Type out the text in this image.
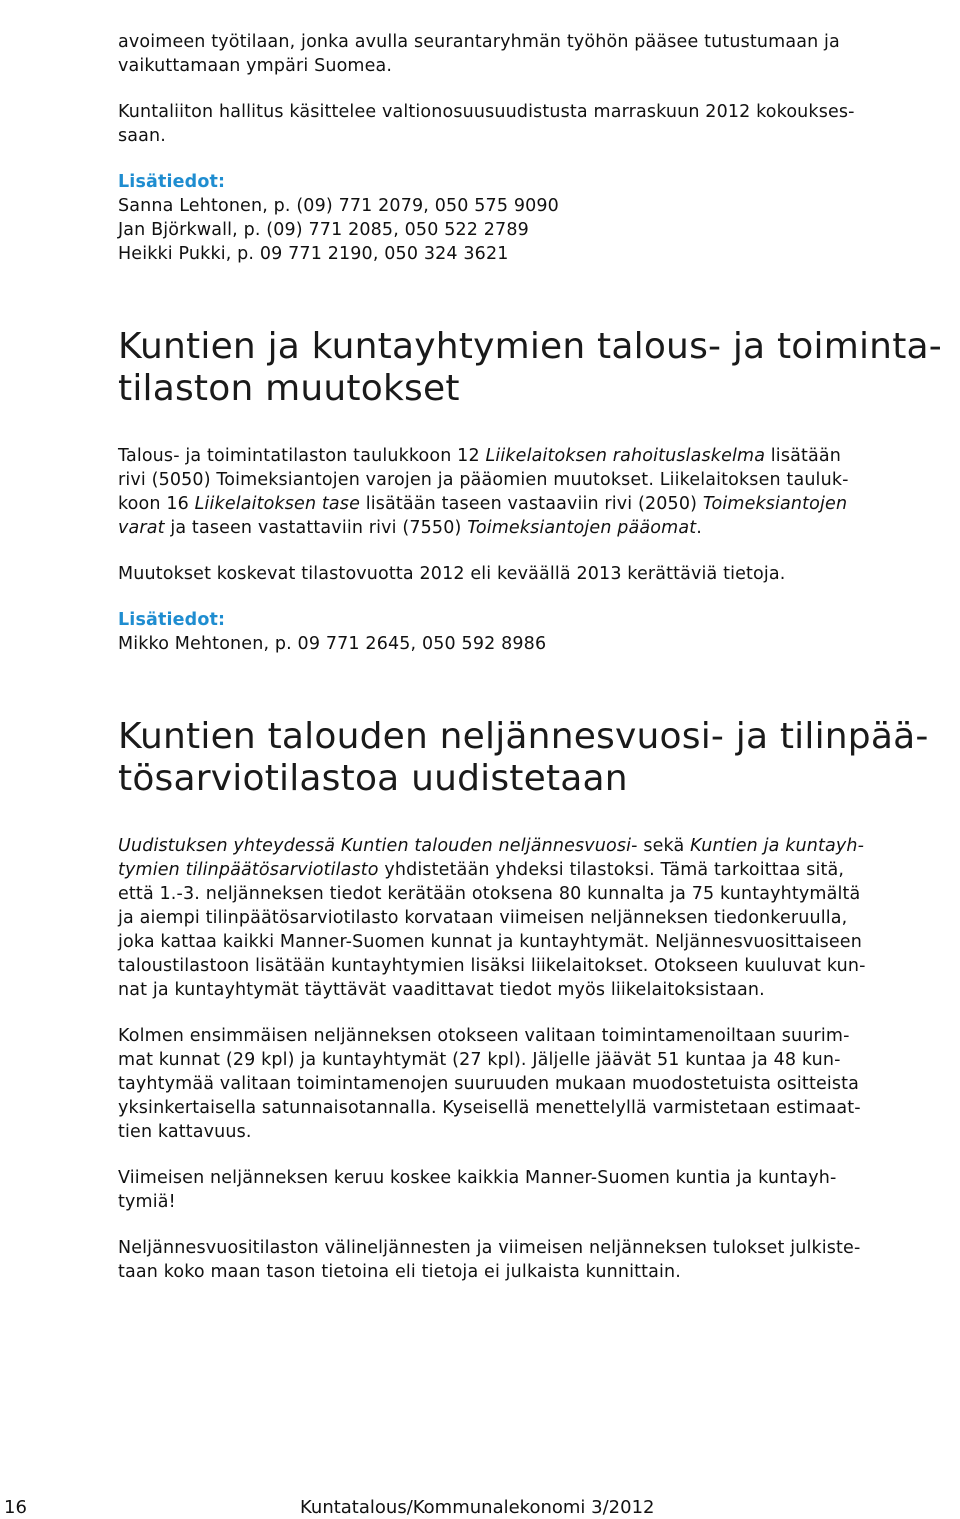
avoimeen työtilaan, jonka avulla seurantaryhmän työhön pääsee tutustumaan ja
vaikuttamaan ympäri Suomea.
Kuntaliiton hallitus käsittelee valtionosuusuudistusta marraskuun 2012 kokoukses-
saan.
Lisätiedot:
Sanna Lehtonen, p. (09) 771 2079, 050 575 9090
Jan Björkwall, p. (09) 771 2085, 050 522 2789
Heikki Pukki, p. 09 771 2190, 050 324 3621
Kuntien ja kuntayhtymien talous- ja toiminta-
tilaston muutokset
Talous- ja toimintatilaston taulukkoon 12 Liikelaitoksen rahoituslaskelma lisätään
rivi (5050) Toimeksiantojen varojen ja pääomien muutokset. Liikelaitoksen tauluk-
koon 16 Liikelaitoksen tase lisätään taseen vastaaviin rivi (2050) Toimeksiantojen
varat ja taseen vastattaviin rivi (7550) Toimeksiantojen pääomat.
Muutokset koskevat tilastovuotta 2012 eli keväällä 2013 kerättäviä tietoja.
Lisätiedot:
Mikko Mehtonen, p. 09 771 2645, 050 592 8986
Kuntien talouden neljännesvuosi- ja tilinpää-
tösarviotilastoa uudistetaan
Uudistuksen yhteydessä Kuntien talouden neljännesvuosi- sekä Kuntien ja kuntayh-
tymien tilinpäätösarviotilasto yhdistetään yhdeksi tilastoksi. Tämä tarkoittaa sitä,
että 1.-3. neljänneksen tiedot kerätään otoksena 80 kunnalta ja 75 kuntayhtymältä
ja aiempi tilinpäätösarviotilasto korvataan viimeisen neljänneksen tiedonkeruulla,
joka kattaa kaikki Manner-Suomen kunnat ja kuntayhtymät. Neljännesvuosittaiseen
taloustilastoon lisätään kuntayhtymien lisäksi liikelaitokset. Otokseen kuuluvat kun-
nat ja kuntayhtymät täyttävät vaadittavat tiedot myös liikelaitoksistaan.
Kolmen ensimmäisen neljänneksen otokseen valitaan toimintamenoiltaan suurim-
mat kunnat (29 kpl) ja kuntayhtymät (27 kpl). Jäljelle jäävät 51 kuntaa ja 48 kun-
tayhtymää valitaan toimintamenojen suuruuden mukaan muodostetuista ositteista
yksinkertaisella satunnaisotannalla. Kyseisellä menettelyllä varmistetaan estimaat-
tien kattavuus.
Viimeisen neljänneksen keruu koskee kaikkia Manner-Suomen kuntia ja kuntayh-
tymiä!
Neljännesvuositilaston välineljännesten ja viimeisen neljänneksen tulokset julkiste-
taan koko maan tason tietoina eli tietoja ei julkaista kunnittain.
16	Kuntatalous/Kommunalekonomi 3/2012
